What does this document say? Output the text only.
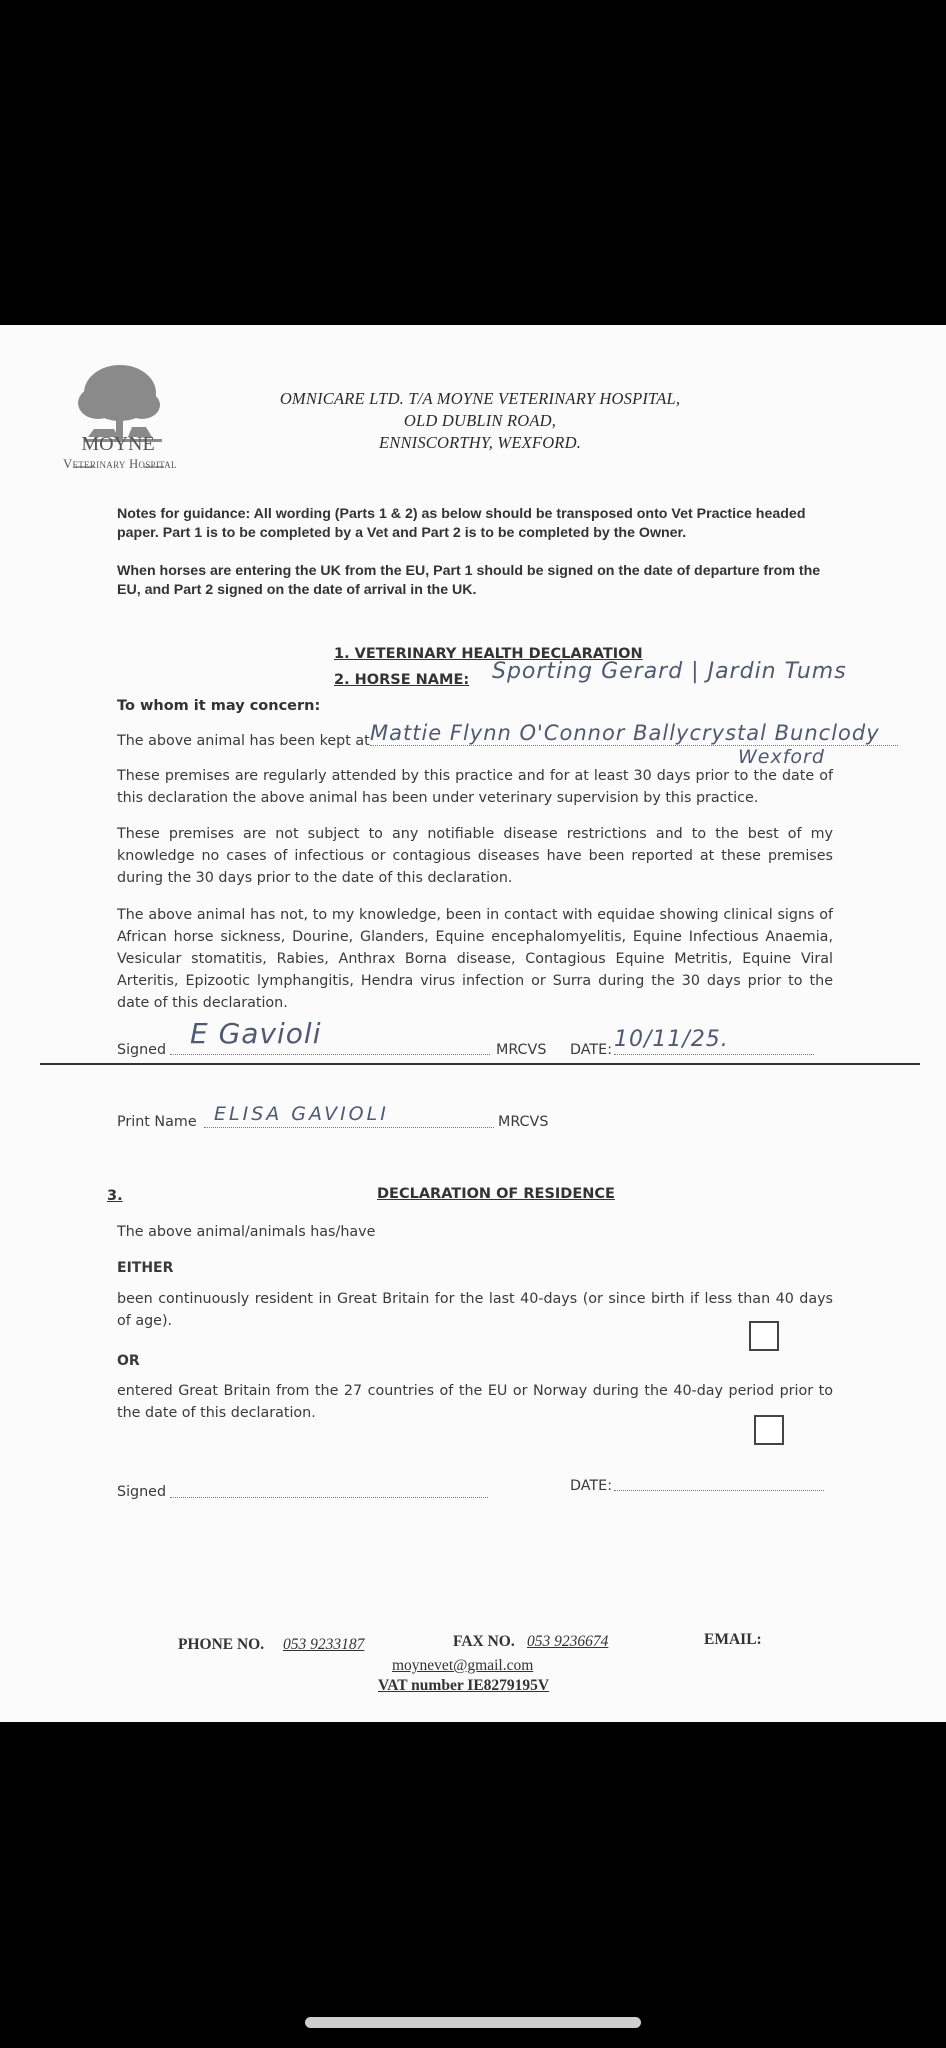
MOYNE
Veterinary Hospital
OMNICARE LTD. T/A MOYNE VETERINARY HOSPITAL,
OLD DUBLIN ROAD,
ENNISCORTHY, WEXFORD.
Notes for guidance: All wording (Parts 1 & 2) as below should be transposed onto Vet Practice headed paper. Part 1 is to be completed by a Vet and Part 2 is to be completed by the Owner.
When horses are entering the UK from the EU, Part 1 should be signed on the date of departure from the EU, and Part 2 signed on the date of arrival in the UK.
1. VETERINARY HEALTH DECLARATION
2. HORSE NAME: Sporting Gerard | Jardin Tums
To whom it may concern:
The above animal has been kept at Mattie Flynn O'Connor Ballycrystal Bunclody
Wexford
These premises are regularly attended by this practice and for at least 30 days prior to the date of this declaration the above animal has been under veterinary supervision by this practice.
These premises are not subject to any notifiable disease restrictions and to the best of my knowledge no cases of infectious or contagious diseases have been reported at these premises during the 30 days prior to the date of this declaration.
The above animal has not, to my knowledge, been in contact with equidae showing clinical signs of African horse sickness, Dourine, Glanders, Equine encephalomyelitis, Equine Infectious Anaemia, Vesicular stomatitis, Rabies, Anthrax Borna disease, Contagious Equine Metritis, Equine Viral Arteritis, Epizootic lymphangitis, Hendra virus infection or Surra during the 30 days prior to the date of this declaration.
Signed E Gavioli	MRCVS DATE: 10/11/25.
Print Name ELISA GAVIOLI	MRCVS
3.	DECLARATION OF RESIDENCE
The above animal/animals has/have
EITHER
been continuously resident in Great Britain for the last 40-days (or since birth if less than 40 days of age).
OR
entered Great Britain from the 27 countries of the EU or Norway during the 40-day period prior to the date of this declaration.
Signed	DATE:
PHONE NO. 053 9233187	FAX NO. 053 9236674	EMAIL:
moynevet@gmail.com
VAT number IE8279195V
